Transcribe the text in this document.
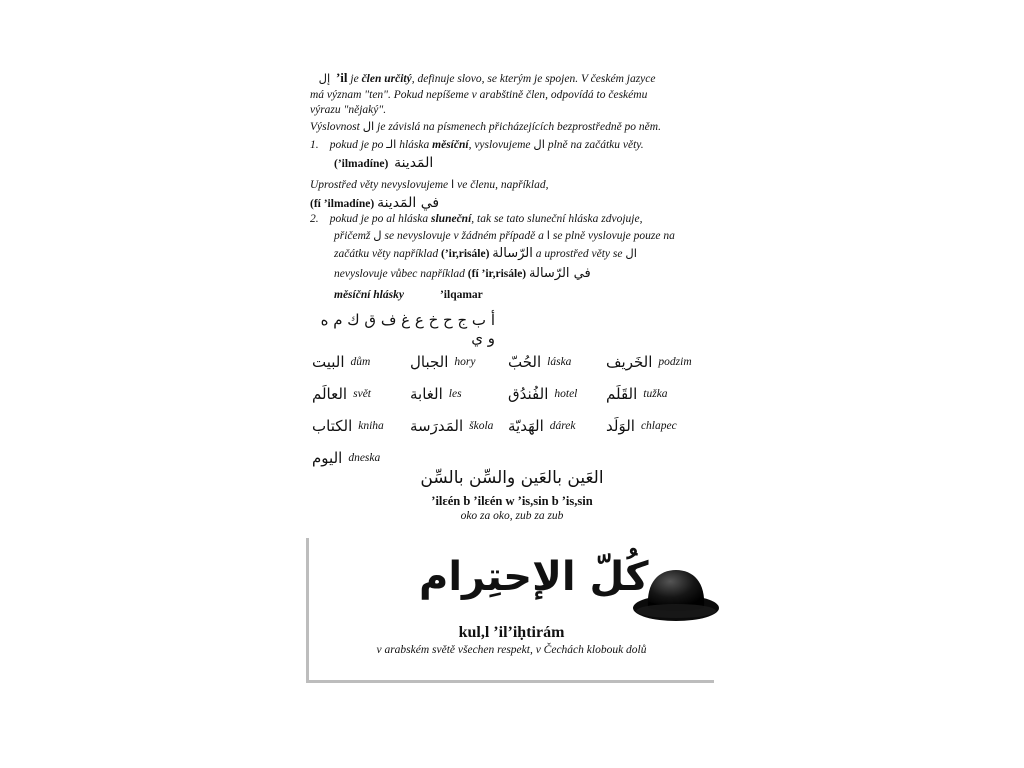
إل ’il je člen určitý, definuje slovo, se kterým je spojen. V českém jazyce
má význam "ten". Pokud nepíšeme v arabštině člen, odpovídá to českému
výrazu "nějaký".
Výslovnost ال je závislá na písmenech přicházejících bezprostředně po něm.
1. pokud je po الـ hláska měsíční, vyslovujeme ال plně na začátku věty.
(’ilmadíne) المَدينة
Uprostřed věty nevyslovujeme ا ve členu, například,
(fí ’ilmadíne) في المَدينة
2. pokud je po al hláska sluneční, tak se tato sluneční hláska zdvojuje,
přičemž ل se nevyslovuje v žádném případě a ا se plně vyslovuje pouze na
začátku věty například (’ir,risále) الرّسالة a uprostřed věty se ال
nevyslovuje vůbec například (fí ’ir,risále) في الرّسالة
měsíční hlásky	’ilqamar
أ ب ج ح خ ع غ ف ق ك م ه و ي
البيت dům	الجبال hory الحُبّ láska الخَريف podzim
العالَم svět	الغابة les	الفُندُق hotel القَلَم tužka
الكتاب kniha المَدرَسة škola الهَديّة dárek الوَلَد chlapec
اليوم dneska
العَين بالعَين والسِّن بالسِّن
’ilɛén b ’ilɛén w ’is,sin b ’is,sin
oko za oko, zub za zub
كُلّ الإحتِرام
kul,l ’il’iḥtirám
v arabském světě všechen respekt, v Čechách klobouk dolů
